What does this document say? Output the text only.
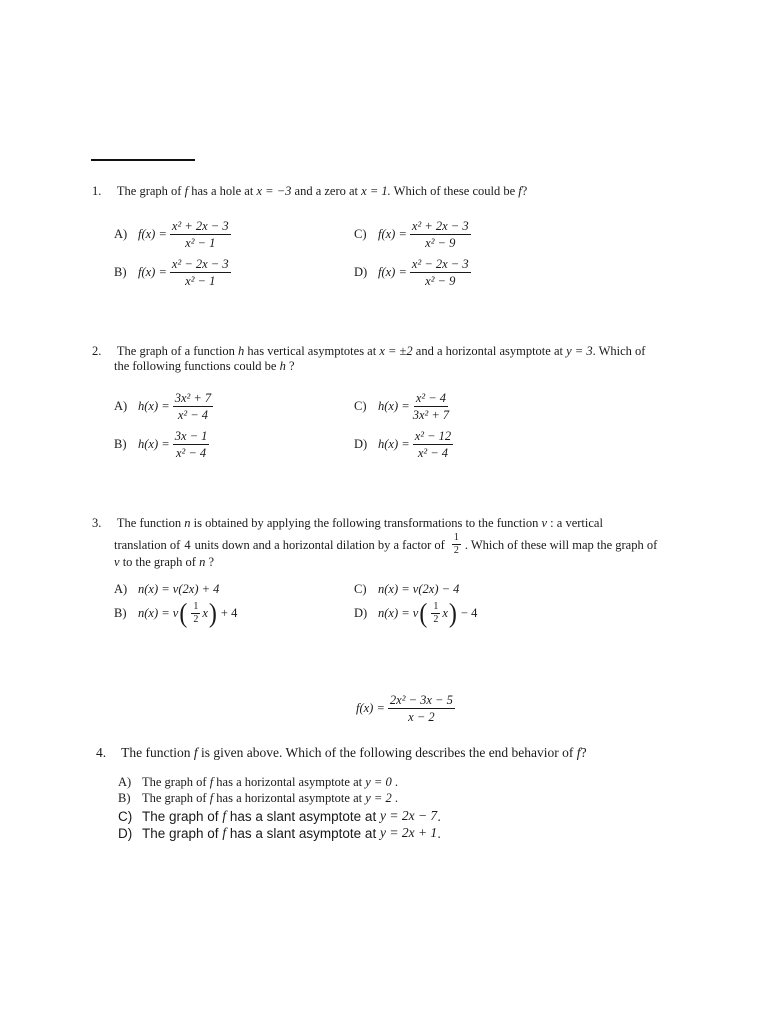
1. The graph of f has a hole at x = −3 and a zero at x = 1. Which of these could be f?
A) $f(x) = \frac{\text{x² + 2x − 3}}{\text{x² − 1}}$
B) $f(x) = \frac{\text{x² − 2x − 3}}{\text{x² − 1}}$
C) $f(x) = \frac{\text{x² + 2x − 3}}{\text{x² − 9}}$
D) $f(x) = \frac{\text{x² − 2x − 3}}{\text{x² − 9}}$
2. The graph of a function h has vertical asymptotes at x = ±2 and a horizontal asymptote at y = 3. Which of
the following functions could be h ?
A) $h(x) = \frac{\text{3x² + 7}}{\text{x² − 4}}$
B) $h(x) = \frac{3x - 1}{\text{x² − 4}}$
C) $h(x) = \frac{\text{x² − 4}}{\text{3x² + 7}}$
D) $h(x) = \frac{\text{x² − 12}}{\text{x² − 4}}$
3. The function n is obtained by applying the following transformations to the function v : a vertical
translation of 4 units down and a horizontal dilation by a factor of $\frac{1}{2}$ . Which of these will map the graph of
v to the graph of n ?
A) n(x) = v(2x) + 4
B) n(x) = v ( $\frac{1}{2}$ x ) + 4
C) n(x) = v(2x) − 4
D) n(x) = v ( $\frac{1}{2}$ x ) − 4
$f(x) = \frac{\text{2x² − 3x − 5}}{x - 2}$
4. The function f is given above. Which of the following describes the end behavior of f?
A) The graph of
f
has a horizontal asymptote at
y = 0
.
B) The graph of
f
has a horizontal asymptote at
y = 2
.
C) The graph of
f
has a slant asymptote at
y = 2x − 7 .
D) The graph of
f
has a slant asymptote at
y = 2x + 1 .
